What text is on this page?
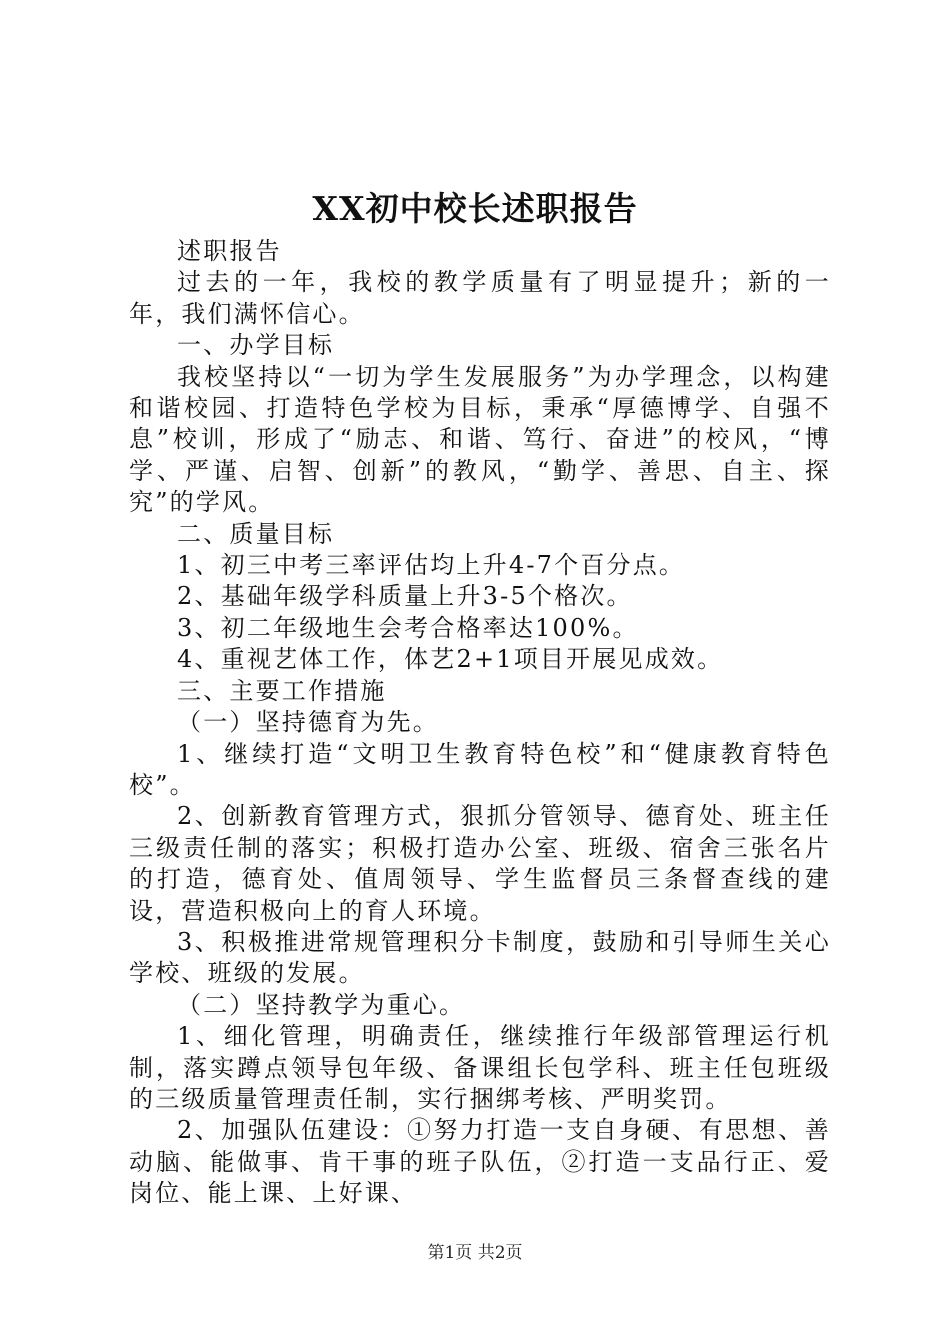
XX初中校长述职报告

述职报告

过去的一年，我校的教学质量有了明显提升；新的一年，我们满怀信心。

一、办学目标

我校坚持以“一切为学生发展服务”为办学理念，以构建和谐校园、打造特色学校为目标，秉承“厚德博学、自强不息”校训，形成了“励志、和谐、笃行、奋进”的校风，“博学、严谨、启智、创新”的教风，“勤学、善思、自主、探究”的学风。

二、质量目标

1、初三中考三率评估均上升4-7个百分点。

2、基础年级学科质量上升3-5个格次。

3、初二年级地生会考合格率达100%。

4、重视艺体工作，体艺2+1项目开展见成效。

三、主要工作措施

（一）坚持德育为先。

1、继续打造“文明卫生教育特色校”和“健康教育特色校”。

2、创新教育管理方式，狠抓分管领导、德育处、班主任三级责任制的落实；积极打造办公室、班级、宿舍三张名片的打造，德育处、值周领导、学生监督员三条督查线的建设，营造积极向上的育人环境。

3、积极推进常规管理积分卡制度，鼓励和引导师生关心学校、班级的发展。

（二）坚持教学为重心。

1、细化管理，明确责任，继续推行年级部管理运行机制，落实蹲点领导包年级、备课组长包学科、班主任包班级的三级质量管理责任制，实行捆绑考核、严明奖罚。

2、加强队伍建设：①努力打造一支自身硬、有思想、善动脑、能做事、肯干事的班子队伍，②打造一支品行正、爱岗位、能上课、上好课、

第1页 共2页
